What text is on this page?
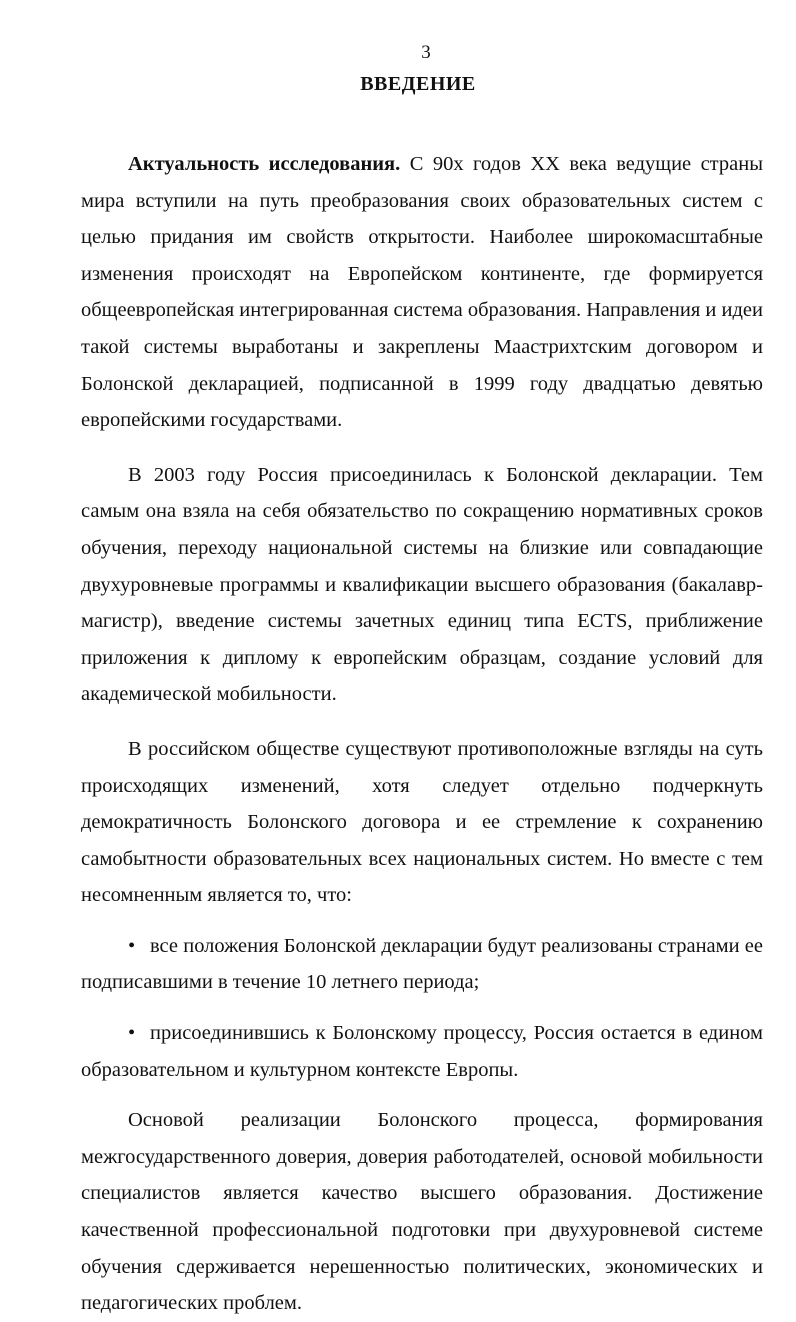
3
ВВЕДЕНИЕ

Актуальность исследования. С 90х годов XX века ведущие страны мира вступили на путь преобразования своих образовательных систем с целью придания им свойств открытости. Наиболее широкомасштабные изменения происходят на Европейском континенте, где формируется общеевропейская интегрированная система образования. Направления и идеи такой системы выработаны и закреплены Маастрихтским договором и Болонской декларацией, подписанной в 1999 году двадцатью девятью европейскими государствами.

В 2003 году Россия присоединилась к Болонской декларации. Тем самым она взяла на себя обязательство по сокращению нормативных сроков обучения, переходу национальной системы на близкие или совпадающие двухуровневые программы и квалификации высшего образования (бакалавр-магистр), введение системы зачетных единиц типа ECTS, приближение приложения к диплому к европейским образцам, создание условий для академической мобильности.

В российском обществе существуют противоположные взгляды на суть происходящих изменений, хотя следует отдельно подчеркнуть демократичность Болонского договора и ее стремление к сохранению самобытности образовательных всех национальных систем. Но вместе с тем несомненным является то, что:

• все положения Болонской декларации будут реализованы странами ее подписавшими в течение 10 летнего периода;

• присоединившись к Болонскому процессу, Россия остается в едином образовательном и культурном контексте Европы.

Основой реализации Болонского процесса, формирования межгосударственного доверия, доверия работодателей, основой мобильности специалистов является качество высшего образования. Достижение качественной профессиональной подготовки при двухуровневой системе обучения сдерживается нерешенностью политических, экономических и педагогических проблем.
